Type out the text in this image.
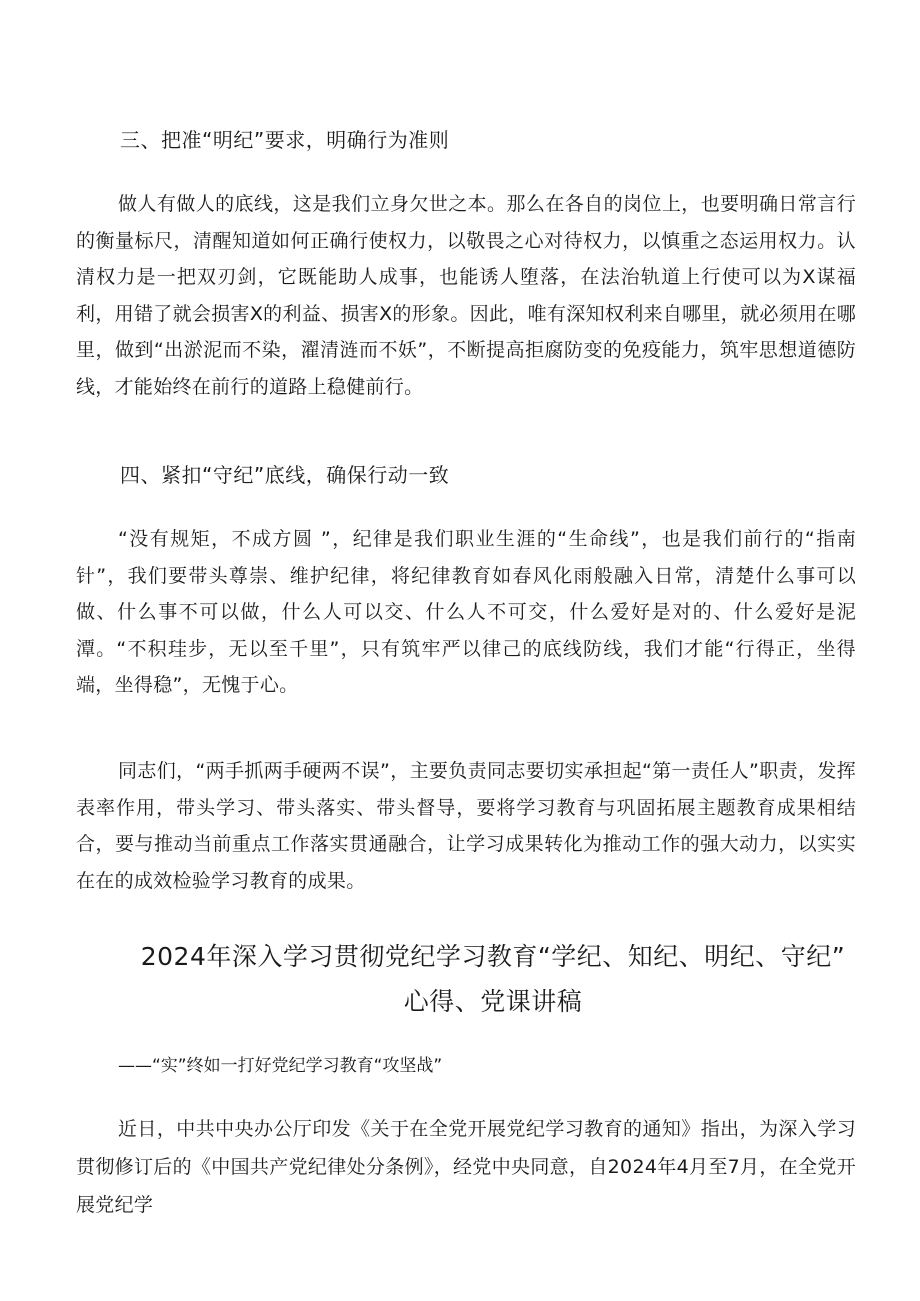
三、把准“明纪”要求，明确行为准则

做人有做人的底线，这是我们立身欠世之本。那么在各自的岗位上，也要明确日常言行的衡量标尺，清醒知道如何正确行使权力，以敬畏之心对待权力，以慎重之态运用权力。认清权力是一把双刃剑，它既能助人成事，也能诱人堕落，在法治轨道上行使可以为X谋福利，用错了就会损害X的利益、损害X的形象。因此，唯有深知权利来自哪里，就必须用在哪里，做到“出淤泥而不染，濯清涟而不妖”，不断提高拒腐防变的免疫能力，筑牢思想道德防线，才能始终在前行的道路上稳健前行。

四、紧扣“守纪”底线，确保行动一致

“没有规矩，不成方圆 ”，纪律是我们职业生涯的“生命线”，也是我们前行的“指南针”，我们要带头尊崇、维护纪律，将纪律教育如春风化雨般融入日常，清楚什么事可以做、什么事不可以做，什么人可以交、什么人不可交，什么爱好是对的、什么爱好是泥潭。“不积珪步，无以至千里”，只有筑牢严以律己的底线防线，我们才能“行得正，坐得端，坐得稳”，无愧于心。

同志们，“两手抓两手硬两不误”，主要负责同志要切实承担起“第一责任人”职责，发挥表率作用，带头学习、带头落实、带头督导，要将学习教育与巩固拓展主题教育成果相结合，要与推动当前重点工作落实贯通融合，让学习成果转化为推动工作的强大动力，以实实在在的成效检验学习教育的成果。

2024年深入学习贯彻党纪学习教育“学纪、知纪、明纪、守纪”
心得、党课讲稿
——“实”终如一打好党纪学习教育“攻坚战”

近日，中共中央办公厅印发《关于在全党开展党纪学习教育的通知》指出，为深入学习贯彻修订后的《中国共产党纪律处分条例》，经党中央同意，自2024年4月至7月，在全党开展党纪学
